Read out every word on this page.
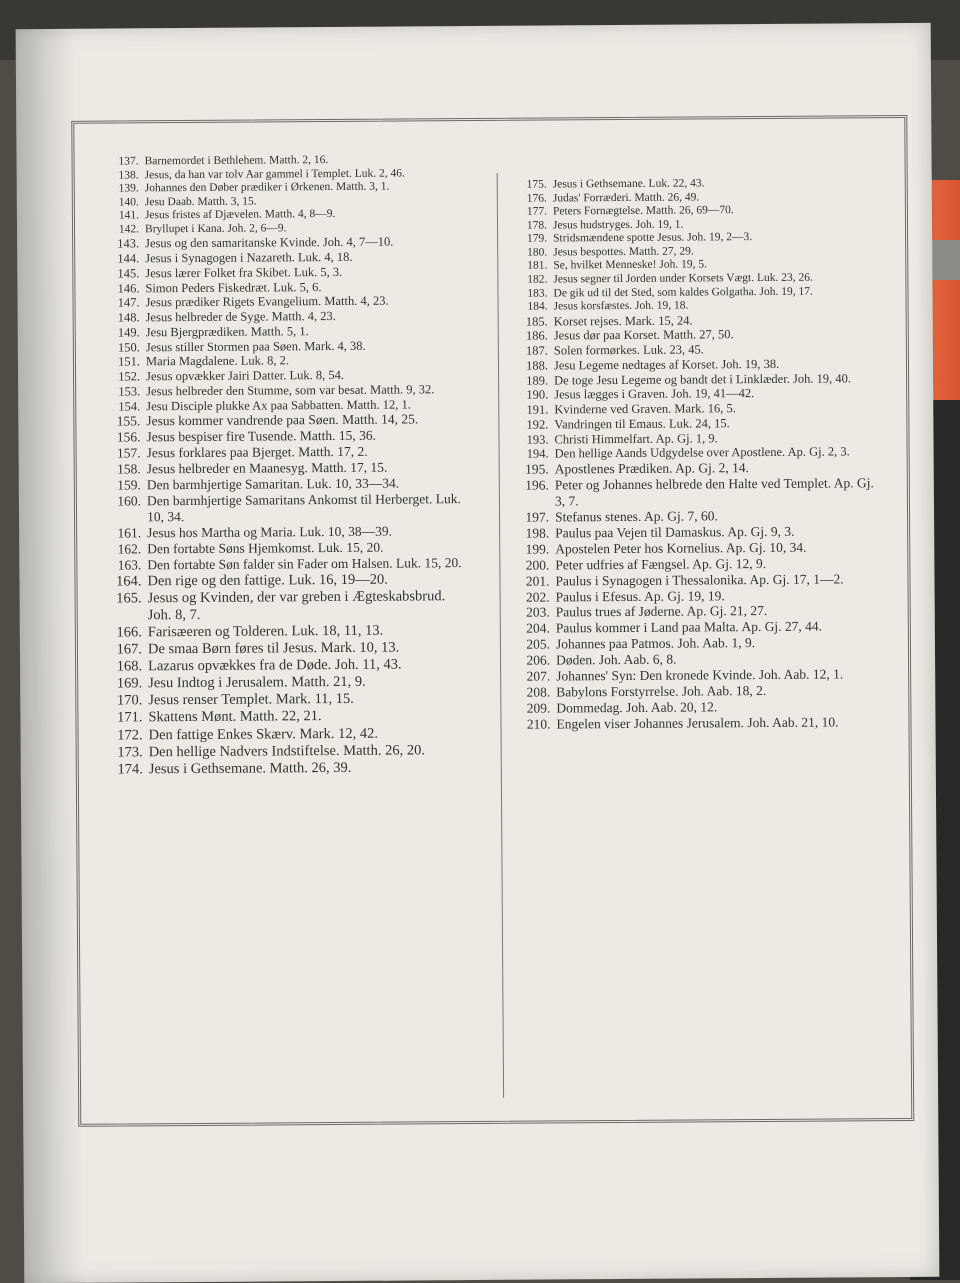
137. Barnemordet i Bethlehem. Matth. 2, 16.
138. Jesus, da han var tolv Aar gammel i Templet. Luk. 2, 46.
139. Johannes den Døber prædiker i Ørkenen. Matth. 3, 1.
140. Jesu Daab. Matth. 3, 15.
141. Jesus fristes af Djævelen. Matth. 4, 8—9.
142. Bryllupet i Kana. Joh. 2, 6—9.
143. Jesus og den samaritanske Kvinde. Joh. 4, 7—10.
144. Jesus i Synagogen i Nazareth. Luk. 4, 18.
145. Jesus lærer Folket fra Skibet. Luk. 5, 3.
146. Simon Peders Fiskedræt. Luk. 5, 6.
147. Jesus prædiker Rigets Evangelium. Matth. 4, 23.
148. Jesus helbreder de Syge. Matth. 4, 23.
149. Jesu Bjergprædiken. Matth. 5, 1.
150. Jesus stiller Stormen paa Søen. Mark. 4, 38.
151. Maria Magdalene. Luk. 8, 2.
152. Jesus opvækker Jairi Datter. Luk. 8, 54.
153. Jesus helbreder den Stumme, som var besat. Matth. 9, 32.
154. Jesu Disciple plukke Ax paa Sabbatten. Matth. 12, 1.
155. Jesus kommer vandrende paa Søen. Matth. 14, 25.
156. Jesus bespiser fire Tusende. Matth. 15, 36.
157. Jesus forklares paa Bjerget. Matth. 17, 2.
158. Jesus helbreder en Maanesyg. Matth. 17, 15.
159. Den barmhjertige Samaritan. Luk. 10, 33—34.
160. Den barmhjertige Samaritans Ankomst til Herberget. Luk. 10, 34.
161. Jesus hos Martha og Maria. Luk. 10, 38—39.
162. Den fortabte Søns Hjemkomst. Luk. 15, 20.
163. Den fortabte Søn falder sin Fader om Halsen. Luk. 15, 20.
164. Den rige og den fattige. Luk. 16, 19—20.
165. Jesus og Kvinden, der var greben i Ægteskabsbrud. Joh. 8, 7.
166. Farisæeren og Tolderen. Luk. 18, 11, 13.
167. De smaa Børn føres til Jesus. Mark. 10, 13.
168. Lazarus opvækkes fra de Døde. Joh. 11, 43.
169. Jesu Indtog i Jerusalem. Matth. 21, 9.
170. Jesus renser Templet. Mark. 11, 15.
171. Skattens Mønt. Matth. 22, 21.
172. Den fattige Enkes Skærv. Mark. 12, 42.
173. Den hellige Nadvers Indstiftelse. Matth. 26, 20.
174. Jesus i Gethsemane. Matth. 26, 39.
175. Jesus i Gethsemane. Luk. 22, 43.
176. Judas' Forræderi. Matth. 26, 49.
177. Peters Fornægtelse. Matth. 26, 69—70.
178. Jesus hudstryges. Joh. 19, 1.
179. Stridsmændene spotte Jesus. Joh. 19, 2—3.
180. Jesus bespottes. Matth. 27, 29.
181. Se, hvilket Menneske! Joh. 19, 5.
182. Jesus segner til Jorden under Korsets Vægt. Luk. 23, 26.
183. De gik ud til det Sted, som kaldes Golgatha. Joh. 19, 17.
184. Jesus korsfæstes. Joh. 19, 18.
185. Korset rejses. Mark. 15, 24.
186. Jesus dør paa Korset. Matth. 27, 50.
187. Solen formørkes. Luk. 23, 45.
188. Jesu Legeme nedtages af Korset. Joh. 19, 38.
189. De toge Jesu Legeme og bandt det i Linklæder. Joh. 19, 40.
190. Jesus lægges i Graven. Joh. 19, 41—42.
191. Kvinderne ved Graven. Mark. 16, 5.
192. Vandringen til Emaus. Luk. 24, 15.
193. Christi Himmelfart. Ap. Gj. 1, 9.
194. Den hellige Aands Udgydelse over Apostlene. Ap. Gj. 2, 3.
195. Apostlenes Prædiken. Ap. Gj. 2, 14.
196. Peter og Johannes helbrede den Halte ved Templet. Ap. Gj. 3, 7.
197. Stefanus stenes. Ap. Gj. 7, 60.
198. Paulus paa Vejen til Damaskus. Ap. Gj. 9, 3.
199. Apostelen Peter hos Kornelius. Ap. Gj. 10, 34.
200. Peter udfries af Fængsel. Ap. Gj. 12, 9.
201. Paulus i Synagogen i Thessalonika. Ap. Gj. 17, 1—2.
202. Paulus i Efesus. Ap. Gj. 19, 19.
203. Paulus trues af Jøderne. Ap. Gj. 21, 27.
204. Paulus kommer i Land paa Malta. Ap. Gj. 27, 44.
205. Johannes paa Patmos. Joh. Aab. 1, 9.
206. Døden. Joh. Aab. 6, 8.
207. Johannes' Syn: Den kronede Kvinde. Joh. Aab. 12, 1.
208. Babylons Forstyrrelse. Joh. Aab. 18, 2.
209. Dommedag. Joh. Aab. 20, 12.
210. Engelen viser Johannes Jerusalem. Joh. Aab. 21, 10.
